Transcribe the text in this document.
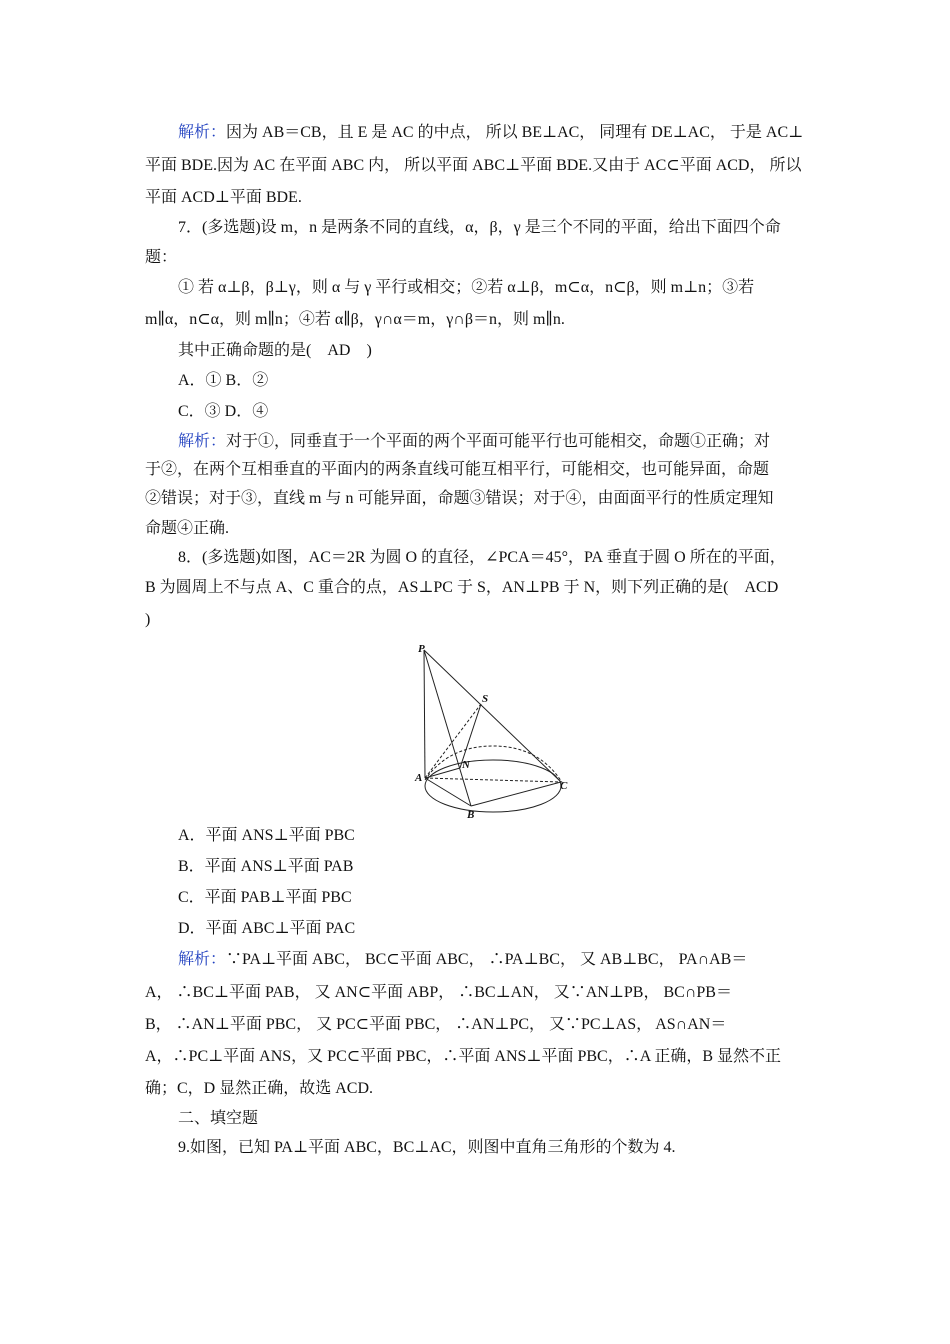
解析：因为 AB＝CB，且 E 是 AC 的中点， 所以 BE⊥AC， 同理有 DE⊥AC， 于是 AC⊥
平面 BDE.因为 AC 在平面 ABC 内， 所以平面 ABC⊥平面 BDE.又由于 AC⊂平面 ACD， 所以
平面 ACD⊥平面 BDE.
7．(多选题)设 m，n 是两条不同的直线，α，β，γ 是三个不同的平面，给出下面四个命
题：
① 若 α⊥β，β⊥γ，则 α 与 γ 平行或相交；②若 α⊥β，m⊂α，n⊂β，则 m⊥n；③若
m∥α，n⊂α，则 m∥n；④若 α∥β，γ∩α＝m，γ∩β＝n，则 m∥n.
其中正确命题的是(　AD　)
A．① B．②
C．③ D．④
解析：对于①，同垂直于一个平面的两个平面可能平行也可能相交，命题①正确；对
于②，在两个互相垂直的平面内的两条直线可能互相平行，可能相交，也可能异面，命题
②错误；对于③，直线 m 与 n 可能异面，命题③错误；对于④，由面面平行的性质定理知
命题④正确.
8．(多选题)如图，AC＝2R 为圆 O 的直径，∠PCA＝45°，PA 垂直于圆 O 所在的平面，
B 为圆周上不与点 A、C 重合的点，AS⊥PC 于 S，AN⊥PB 于 N，则下列正确的是(　ACD
)
P
S
N
A
B
C
A．平面 ANS⊥平面 PBC
B．平面 ANS⊥平面 PAB
C．平面 PAB⊥平面 PBC
D．平面 ABC⊥平面 PAC
解析：∵PA⊥平面 ABC， BC⊂平面 ABC， ∴PA⊥BC， 又 AB⊥BC， PA∩AB＝
A， ∴BC⊥平面 PAB， 又 AN⊂平面 ABP， ∴BC⊥AN， 又∵AN⊥PB， BC∩PB＝
B， ∴AN⊥平面 PBC， 又 PC⊂平面 PBC， ∴AN⊥PC， 又∵PC⊥AS， AS∩AN＝
A，∴PC⊥平面 ANS，又 PC⊂平面 PBC，∴平面 ANS⊥平面 PBC，∴A 正确，B 显然不正
确；C，D 显然正确，故选 ACD.
二、填空题
9.如图，已知 PA⊥平面 ABC，BC⊥AC，则图中直角三角形的个数为 4.
